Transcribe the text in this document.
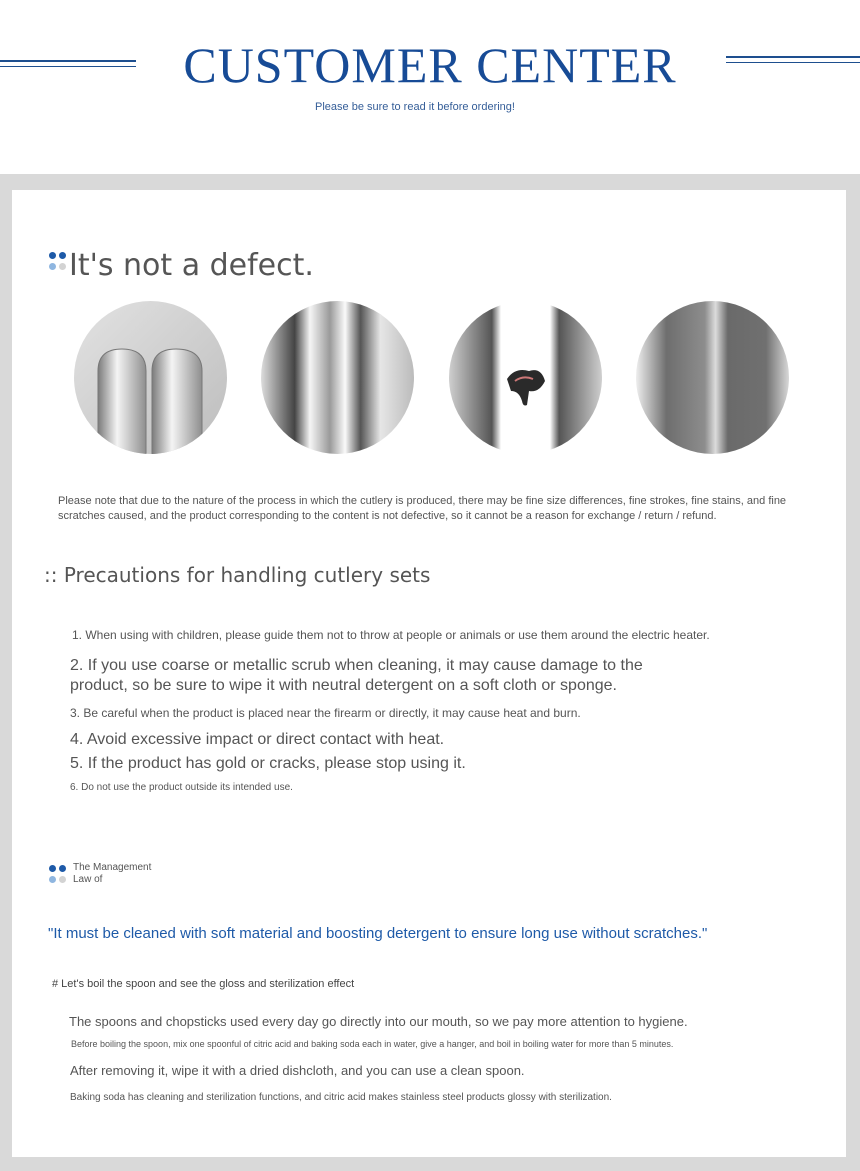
CUSTOMER CENTER
Please be sure to read it before ordering!
It's not a defect.
Please note that due to the nature of the process in which the cutlery is produced, there may be fine size differences, fine strokes, fine stains, and fine scratches caused, and the product corresponding to the content is not defective, so it cannot be a reason for exchange / return / refund.
:: Precautions for handling cutlery sets
1. When using with children, please guide them not to throw at people or animals or use them around the electric heater.
2. If you use coarse or metallic scrub when cleaning, it may cause damage to the product, so be sure to wipe it with neutral detergent on a soft cloth or sponge.
3. Be careful when the product is placed near the firearm or directly, it may cause heat and burn.
4. Avoid excessive impact or direct contact with heat.
5. If the product has gold or cracks, please stop using it.
6. Do not use the product outside its intended use.
The Management
Law of
"It must be cleaned with soft material and boosting detergent to ensure long use without scratches."
# Let's boil the spoon and see the gloss and sterilization effect
The spoons and chopsticks used every day go directly into our mouth, so we pay more attention to hygiene.
Before boiling the spoon, mix one spoonful of citric acid and baking soda each in water, give a hanger, and boil in boiling water for more than 5 minutes.
After removing it, wipe it with a dried dishcloth, and you can use a clean spoon.
Baking soda has cleaning and sterilization functions, and citric acid makes stainless steel products glossy with sterilization.
